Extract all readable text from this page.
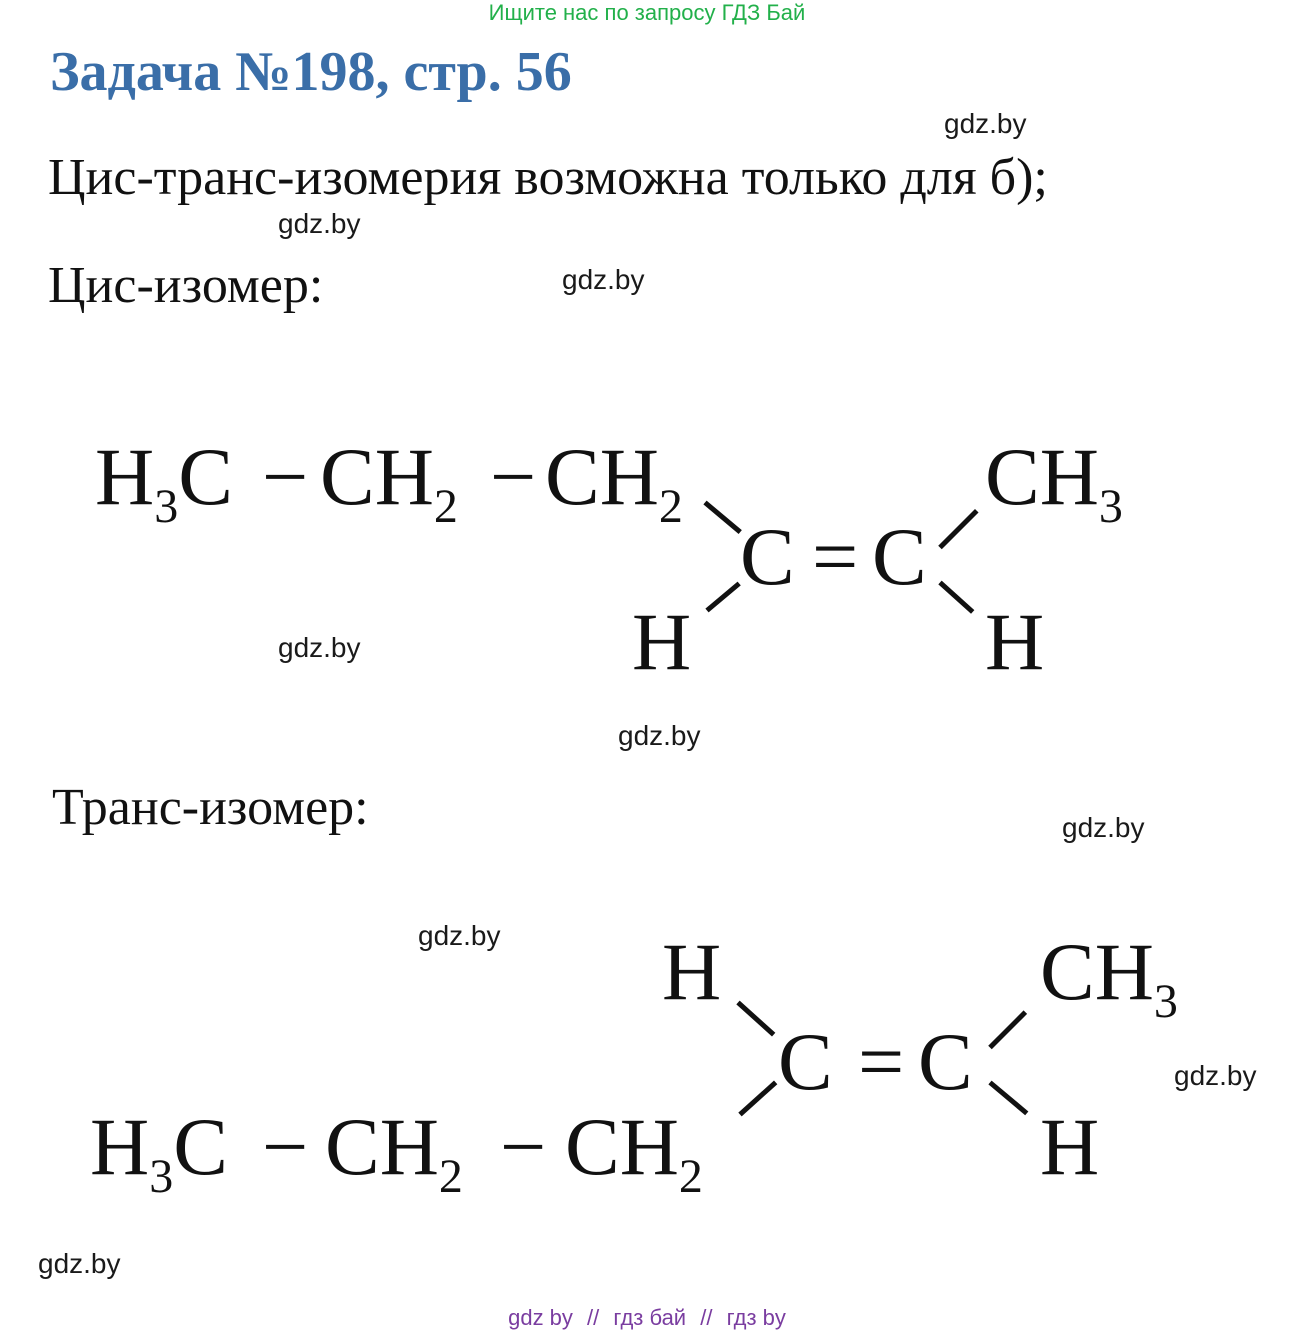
Ищите нас по запросу ГДЗ Бай
Задача №198, стр. 56
Цис-транс-изомерия возможна только для б);
Цис-изомер:
Транс-изомер:
gdz.by
gdz.by
gdz.by
gdz.by
gdz.by
gdz.by
gdz.by
gdz.by
gdz.by
$H_3C - CH_2 - CH_2$	$CH_3$
C = C
H	H
H	$CH_3$
C = C
$H_3C - CH_2 - CH_2$	H
gdz by // гдз бай // гдз by
